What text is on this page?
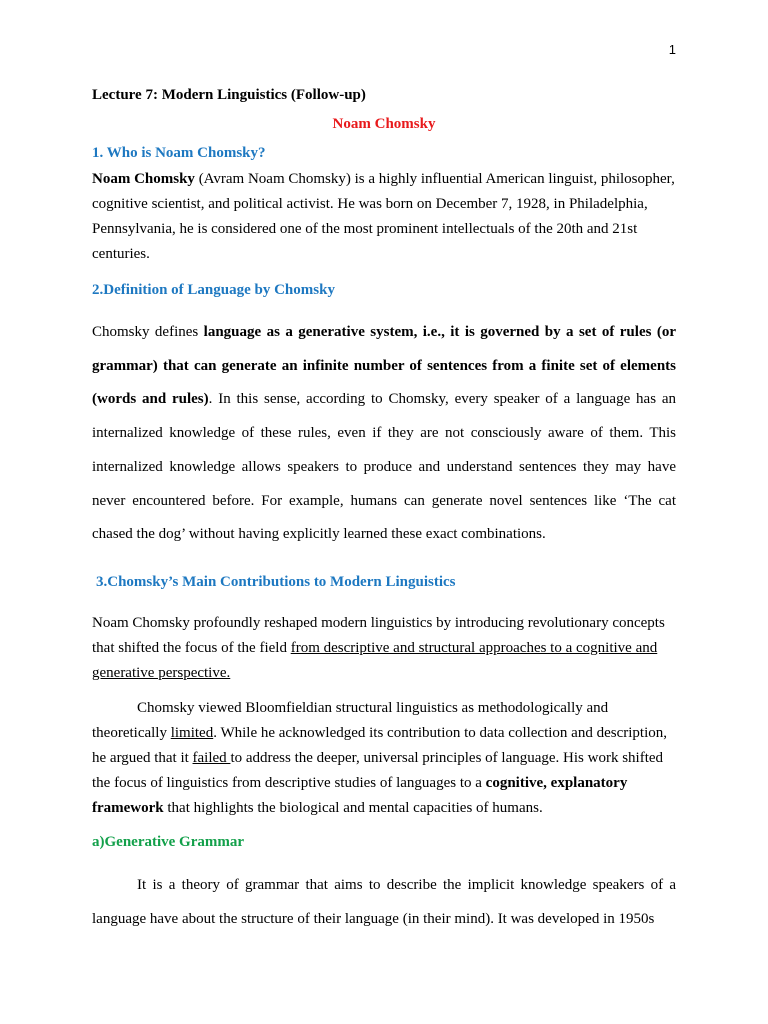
1

Lecture 7: Modern Linguistics (Follow-up)

Noam Chomsky

1. Who is Noam Chomsky?

Noam Chomsky (Avram Noam Chomsky) is a highly influential American linguist, philosopher, cognitive scientist, and political activist. He was born on December 7, 1928, in Philadelphia, Pennsylvania, he is considered one of the most prominent intellectuals of the 20th and 21st centuries.

2.Definition of Language by Chomsky

Chomsky defines language as a generative system, i.e., it is governed by a set of rules (or grammar) that can generate an infinite number of sentences from a finite set of elements (words and rules). In this sense, according to Chomsky, every speaker of a language has an internalized knowledge of these rules, even if they are not consciously aware of them. This internalized knowledge allows speakers to produce and understand sentences they may have never encountered before. For example, humans can generate novel sentences like ‘The cat chased the dog’ without having explicitly learned these exact combinations.

3.Chomsky’s Main Contributions to Modern Linguistics

Noam Chomsky profoundly reshaped modern linguistics by introducing revolutionary concepts that shifted the focus of the field from descriptive and structural approaches to a cognitive and generative perspective.

Chomsky viewed Bloomfieldian structural linguistics as methodologically and theoretically limited. While he acknowledged its contribution to data collection and description, he argued that it failed to address the deeper, universal principles of language. His work shifted the focus of linguistics from descriptive studies of languages to a cognitive, explanatory framework that highlights the biological and mental capacities of humans.

a)Generative Grammar

It is a theory of grammar that aims to describe the implicit knowledge speakers of a language have about the structure of their language (in their mind). It was developed in 1950s
